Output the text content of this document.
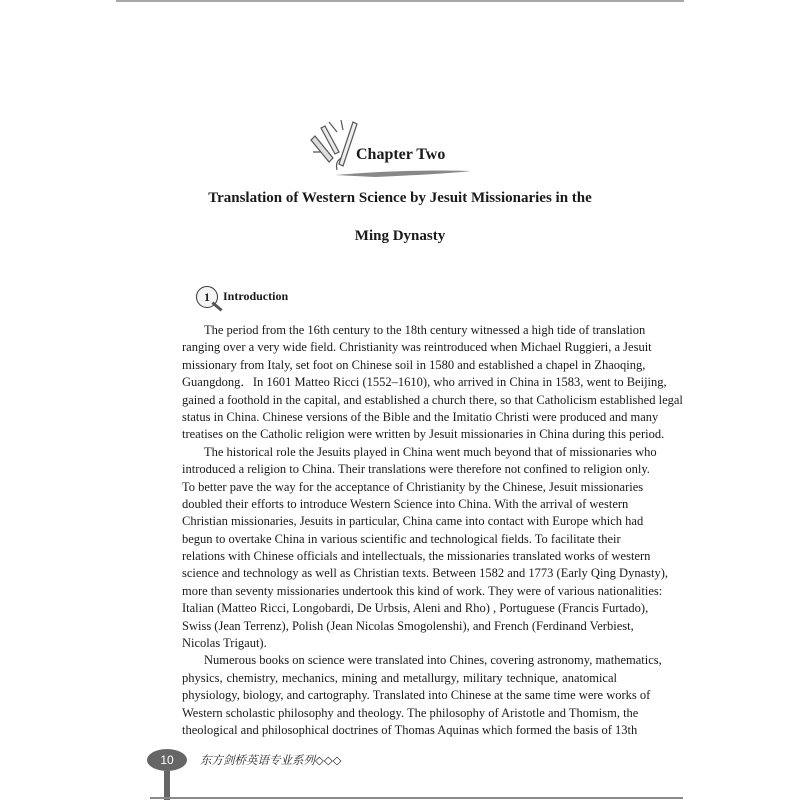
Chapter Two
Translation of Western Science by Jesuit Missionaries in the
Ming Dynasty
1	Introduction
The period from the 16th century to the 18th century witnessed a high tide of translation
ranging over a very wide field. Christianity was reintroduced when Michael Ruggieri, a Jesuit
missionary from Italy, set foot on Chinese soil in 1580 and established a chapel in Zhaoqing,
Guangdong．In 1601 Matteo Ricci (1552–1610), who arrived in China in 1583, went to Beijing,
gained a foothold in the capital, and established a church there, so that Catholicism established legal
status in China. Chinese versions of the Bible and the Imitatio Christi were produced and many
treatises on the Catholic religion were written by Jesuit missionaries in China during this period.
The historical role the Jesuits played in China went much beyond that of missionaries who
introduced a religion to China. Their translations were therefore not confined to religion only.
To better pave the way for the acceptance of Christianity by the Chinese, Jesuit missionaries
doubled their efforts to introduce Western Science into China. With the arrival of western
Christian missionaries, Jesuits in particular, China came into contact with Europe which had
begun to overtake China in various scientific and technological fields. To facilitate their
relations with Chinese officials and intellectuals, the missionaries translated works of western
science and technology as well as Christian texts. Between 1582 and 1773 (Early Qing Dynasty),
more than seventy missionaries undertook this kind of work. They were of various nationalities:
Italian (Matteo Ricci, Longobardi, De Urbsis, Aleni and Rho) , Portuguese (Francis Furtado),
Swiss (Jean Terrenz), Polish (Jean Nicolas Smogolenshi), and French (Ferdinand Verbiest,
Nicolas Trigaut).
Numerous books on science were translated into Chines, covering astronomy, mathematics,
physics, chemistry, mechanics, mining and metallurgy, military technique, anatomical
physiology, biology, and cartography. Translated into Chinese at the same time were works of
Western scholastic philosophy and theology. The philosophy of Aristotle and Thomism, the
theological and philosophical doctrines of Thomas Aquinas which formed the basis of 13th
10	东方剑桥英语专业系列◇◇◇
